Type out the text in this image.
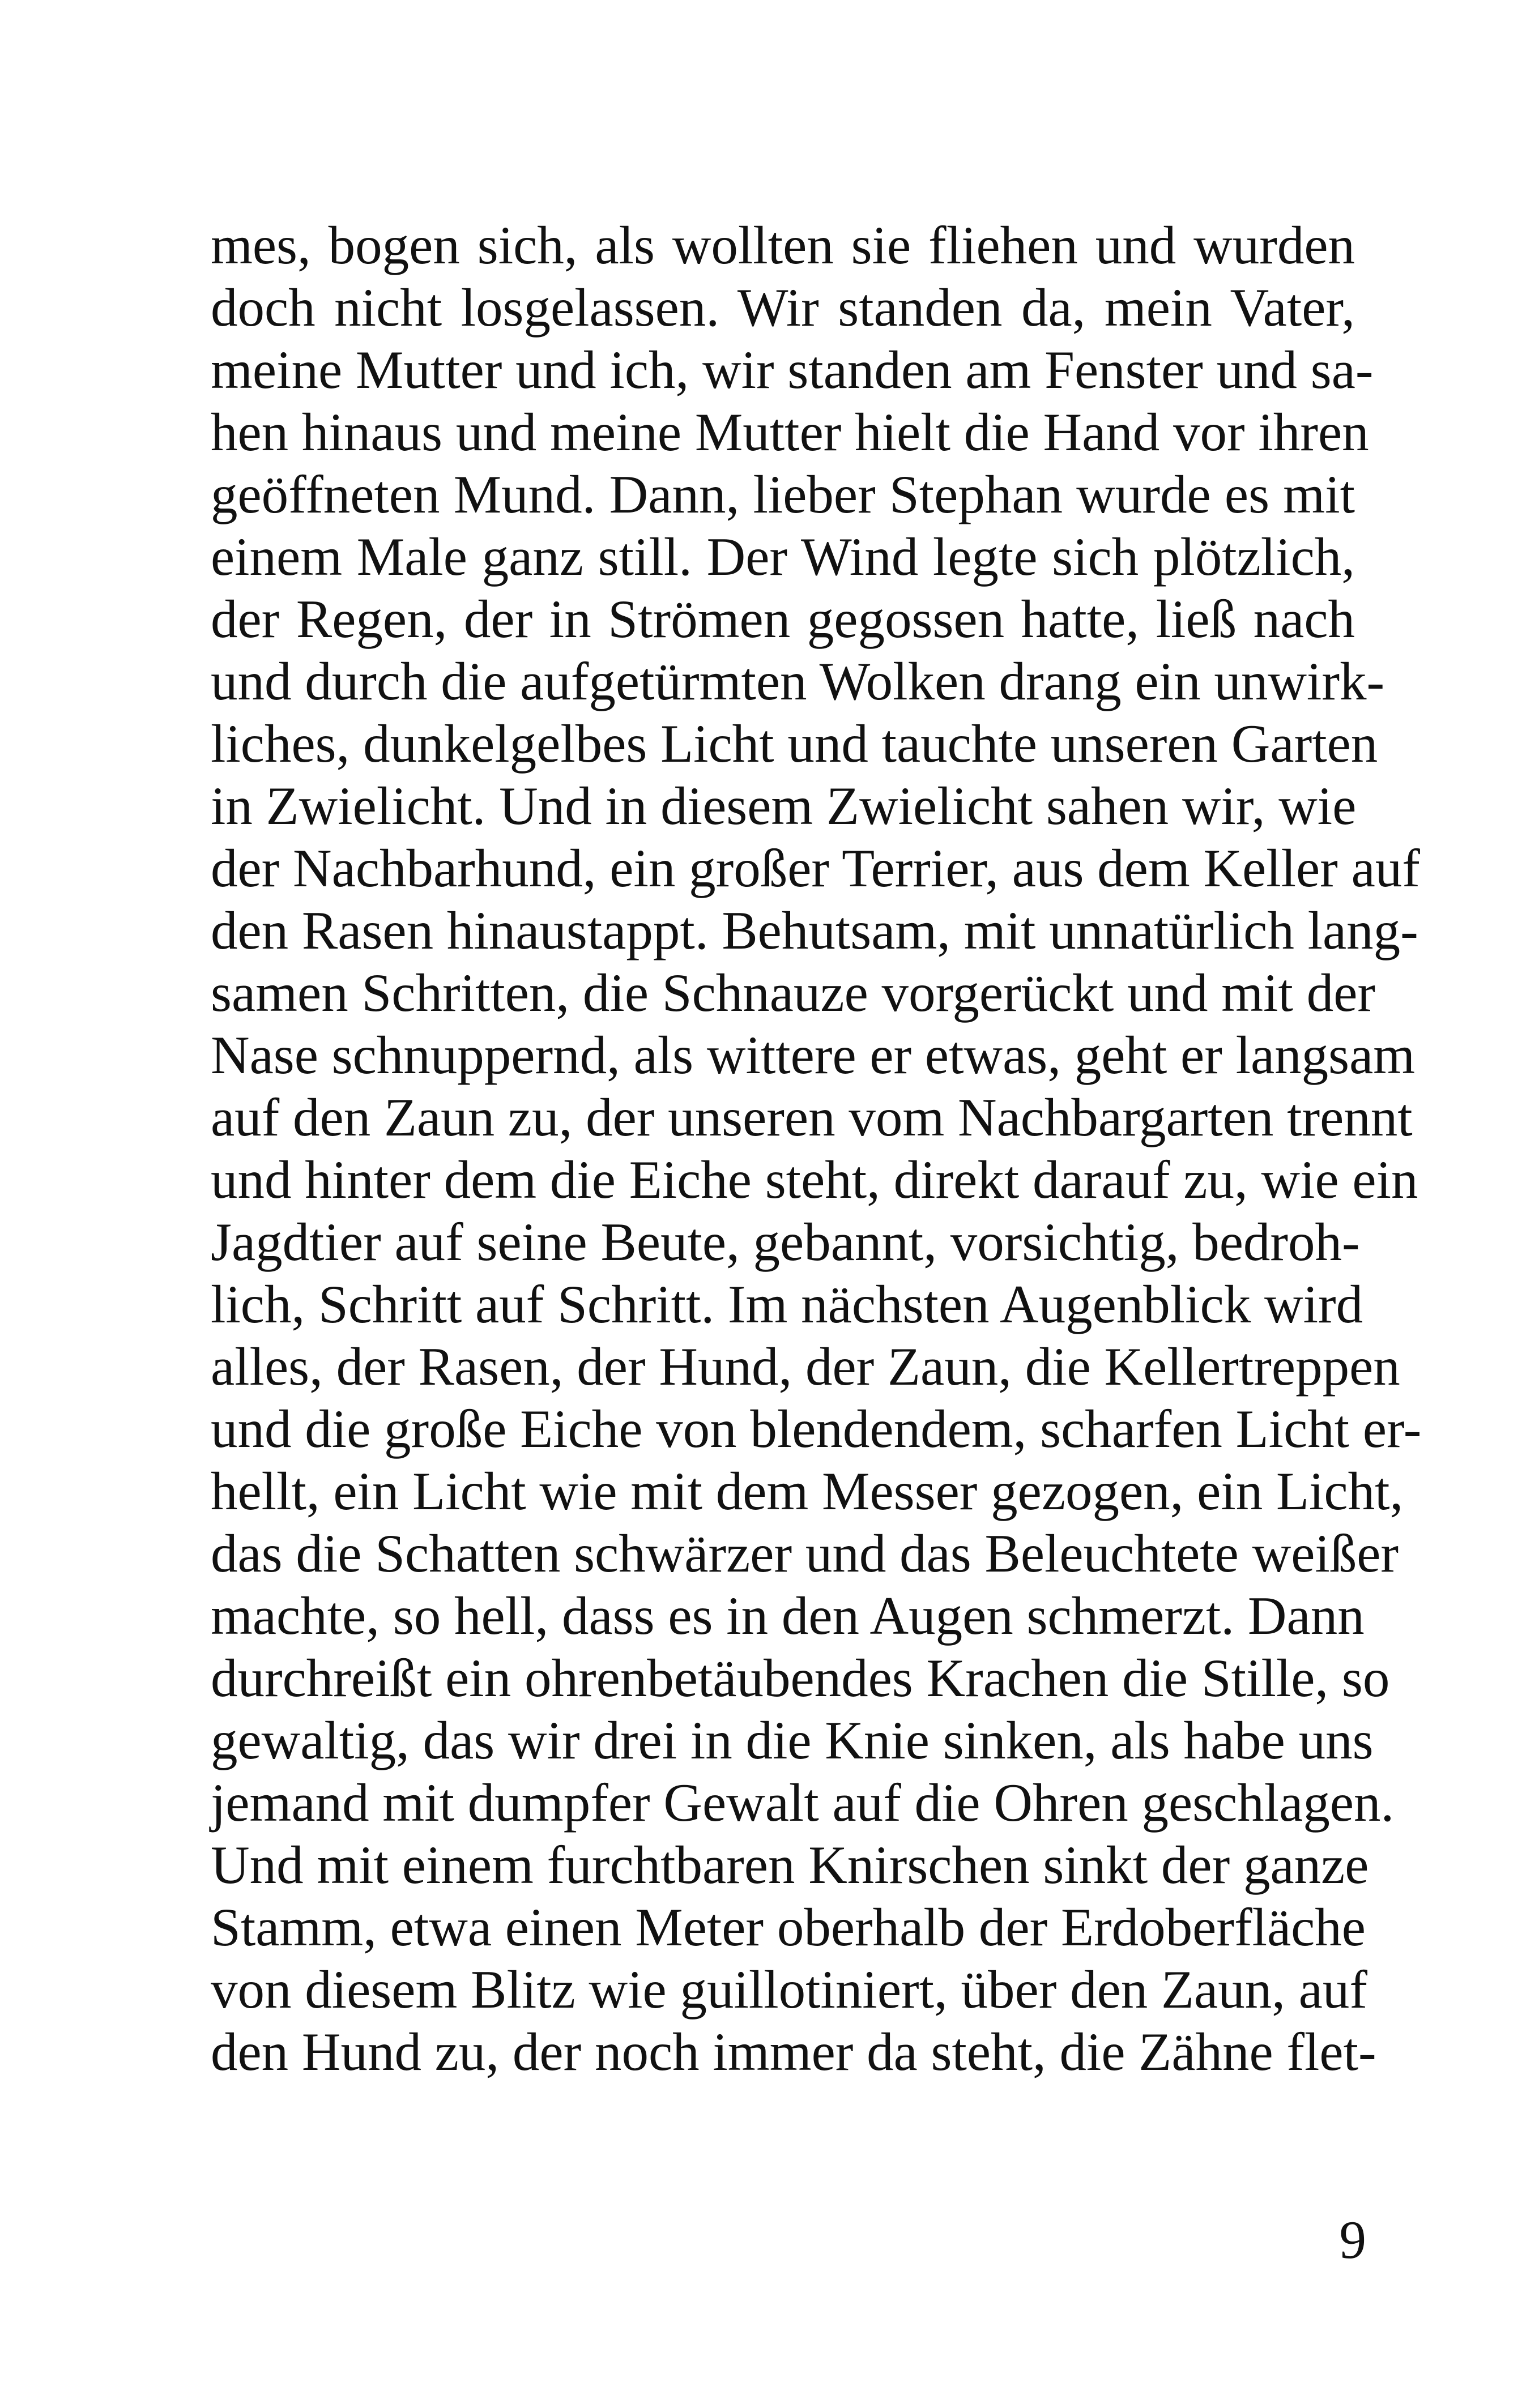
mes, bogen sich, als wollten sie fliehen und wurden
doch nicht losgelassen. Wir standen da, mein Vater,
meine Mutter und ich, wir standen am Fenster und sa-
hen hinaus und meine Mutter hielt die Hand vor ihren
geöffneten Mund. Dann, lieber Stephan wurde es mit
einem Male ganz still. Der Wind legte sich plötzlich,
der Regen, der in Strömen gegossen hatte, ließ nach
und durch die aufgetürmten Wolken drang ein unwirk-
liches, dunkelgelbes Licht und tauchte unseren Garten
in Zwielicht. Und in diesem Zwielicht sahen wir, wie
der Nachbarhund, ein großer Terrier, aus dem Keller auf
den Rasen hinaustappt. Behutsam, mit unnatürlich lang-
samen Schritten, die Schnauze vorgerückt und mit der
Nase schnuppernd, als wittere er etwas, geht er langsam
auf den Zaun zu, der unseren vom Nachbargarten trennt
und hinter dem die Eiche steht, direkt darauf zu, wie ein
Jagdtier auf seine Beute, gebannt, vorsichtig, bedroh-
lich, Schritt auf Schritt. Im nächsten Augenblick wird
alles, der Rasen, der Hund, der Zaun, die Kellertreppen
und die große Eiche von blendendem, scharfen Licht er-
hellt, ein Licht wie mit dem Messer gezogen, ein Licht,
das die Schatten schwärzer und das Beleuchtete weißer
machte, so hell, dass es in den Augen schmerzt. Dann
durchreißt ein ohrenbetäubendes Krachen die Stille, so
gewaltig, das wir drei in die Knie sinken, als habe uns
jemand mit dumpfer Gewalt auf die Ohren geschlagen.
Und mit einem furchtbaren Knirschen sinkt der ganze
Stamm, etwa einen Meter oberhalb der Erdoberfläche
von diesem Blitz wie guillotiniert, über den Zaun, auf
den Hund zu, der noch immer da steht, die Zähne flet-
9
